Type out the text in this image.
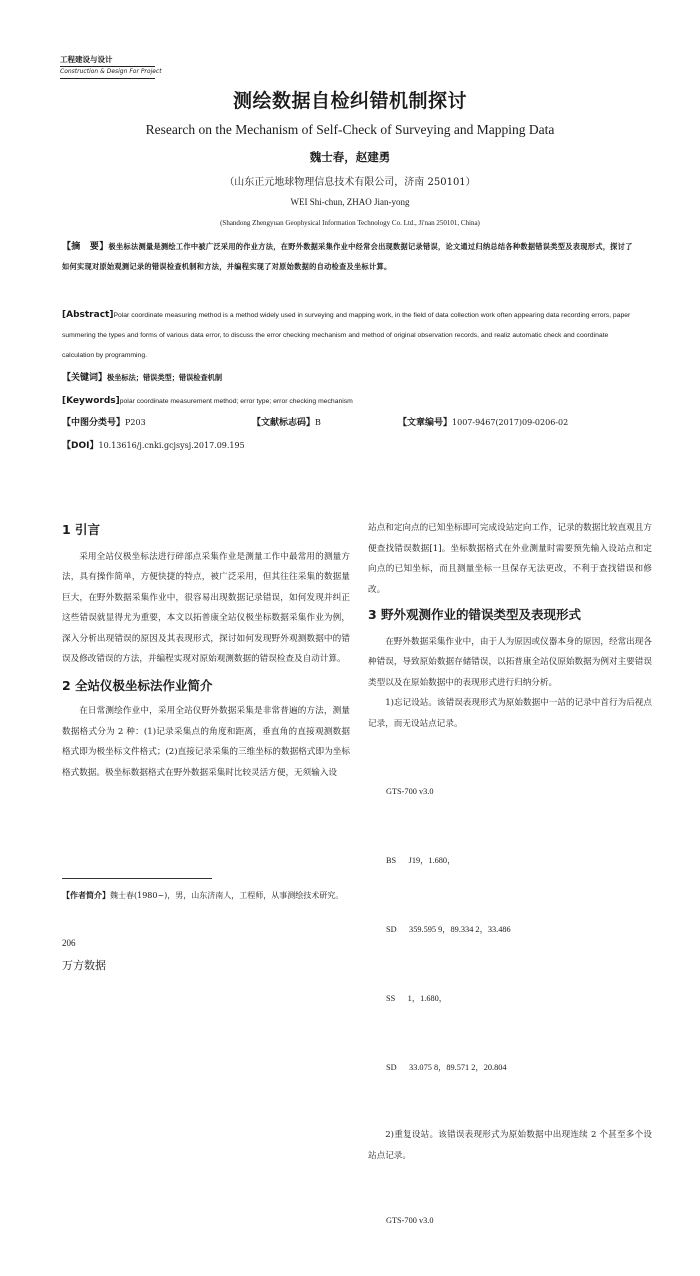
工程建设与设计
Construction & Design For Project
测绘数据自检纠错机制探讨
Research on the Mechanism of Self-Check of Surveying and Mapping Data
魏士春，赵建勇
（山东正元地球物理信息技术有限公司，济南 250101）
WEI Shi-chun, ZHAO Jian-yong
(Shandong Zhengyuan Geophysical Information Technology Co. Ltd., Ji'nan 250101, China)
【摘　要】极坐标法测量是测绘工作中被广泛采用的作业方法，在野外数据采集作业中经常会出现数据记录错误，论文通过归纳总结各种数据错误类型及表现形式，探讨了如何实现对原始观测记录的错误检查机制和方法，并编程实现了对原始数据的自动检查及坐标计算。
[Abstract]Polar coordinate measuring method is a method widely used in surveying and mapping work, in the field of data collection work often appearing data recording errors, paper summering the types and forms of various data error, to discuss the error checking mechanism and method of original observation records, and realiz automatic check and coordinate calculation by programming.
【关键词】极坐标法；错误类型；错误检查机制
[Keywords]polar coordinate measurement method; error type; error checking mechanism
【中图分类号】P203	【文献标志码】B	【文章编号】1007-9467(2017)09-0206-02
【DOI】10.13616/j.cnki.gcjsysj.2017.09.195
1 引言

采用全站仪极坐标法进行碎部点采集作业是测量工作中最常用的测量方法，具有操作简单，方便快捷的特点，被广泛采用，但其往往采集的数据量巨大，在野外数据采集作业中，很容易出现数据记录错误，如何发现并纠正这些错误就显得尤为重要，本文以拓普康全站仪极坐标数据采集作业为例，深入分析出现错误的原因及其表现形式，探讨如何发现野外观测数据中的错误及修改错误的方法，并编程实现对原始观测数据的错误检查及自动计算。

2 全站仪极坐标法作业简介

在日常测绘作业中，采用全站仪野外数据采集是非常普遍的方法，测量数据格式分为 2 种：(1)记录采集点的角度和距离，垂直角的直接观测数据格式即为极坐标文件格式；(2)直接记录采集的三维坐标的数据格式即为坐标格式数据。极坐标数据格式在野外数据采集时比较灵活方便，无须输入设

站点和定向点的已知坐标即可完成设站定向工作，记录的数据比较直观且方便查找错误数据[1]。坐标数据格式在外业测量时需要预先输入设站点和定向点的已知坐标，而且测量坐标一旦保存无法更改，不利于查找错误和修改。

3 野外观测作业的错误类型及表现形式

在野外数据采集作业中，由于人为原因或仪器本身的原因，经常出现各种错误，导致原始数据存储错误，以拓普康全站仪原始数据为例对主要错误类型以及在原始数据中的表现形式进行归纳分析。

1)忘记设站。该错误表现形式为原始数据中一站的记录中首行为后视点记录，而无设站点记录。

GTS-700 v3.0

BS      J19，1.680，

SD      359.595 9，89.334 2，33.486

SS      1，1.680，

SD      33.075 8，89.571 2，20.804

2)重复设站。该错误表现形式为原始数据中出现连续 2 个甚至多个设站点记录。

GTS-700 v3.0

【作者简介】魏士春(1980~)，男，山东济南人，工程师，从事测绘技术研究。
206
万方数据
